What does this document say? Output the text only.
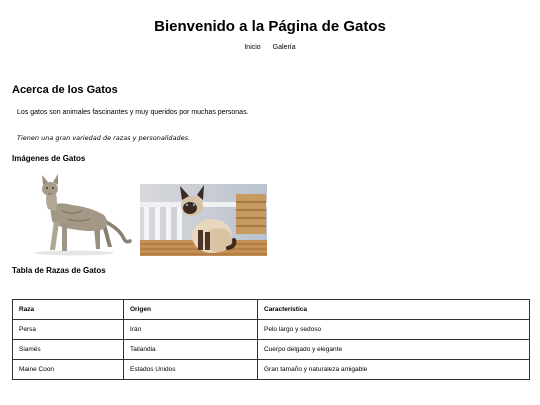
Bienvenido a la Página de Gatos
Inicio Galería
Acerca de los Gatos

Los gatos son animales fascinantes y muy queridos por muchas personas.

Tienen una gran variedad de razas y personalidades.

Imágenes de Gatos
Tabla de Razas de Gatos
Raza	Origen	Característica
Persa	Irán	Pelo largo y sedoso
Siamés	Tailandia	Cuerpo delgado y elegante
Maine Coon	Estados Unidos	Gran tamaño y naturaleza amigable
